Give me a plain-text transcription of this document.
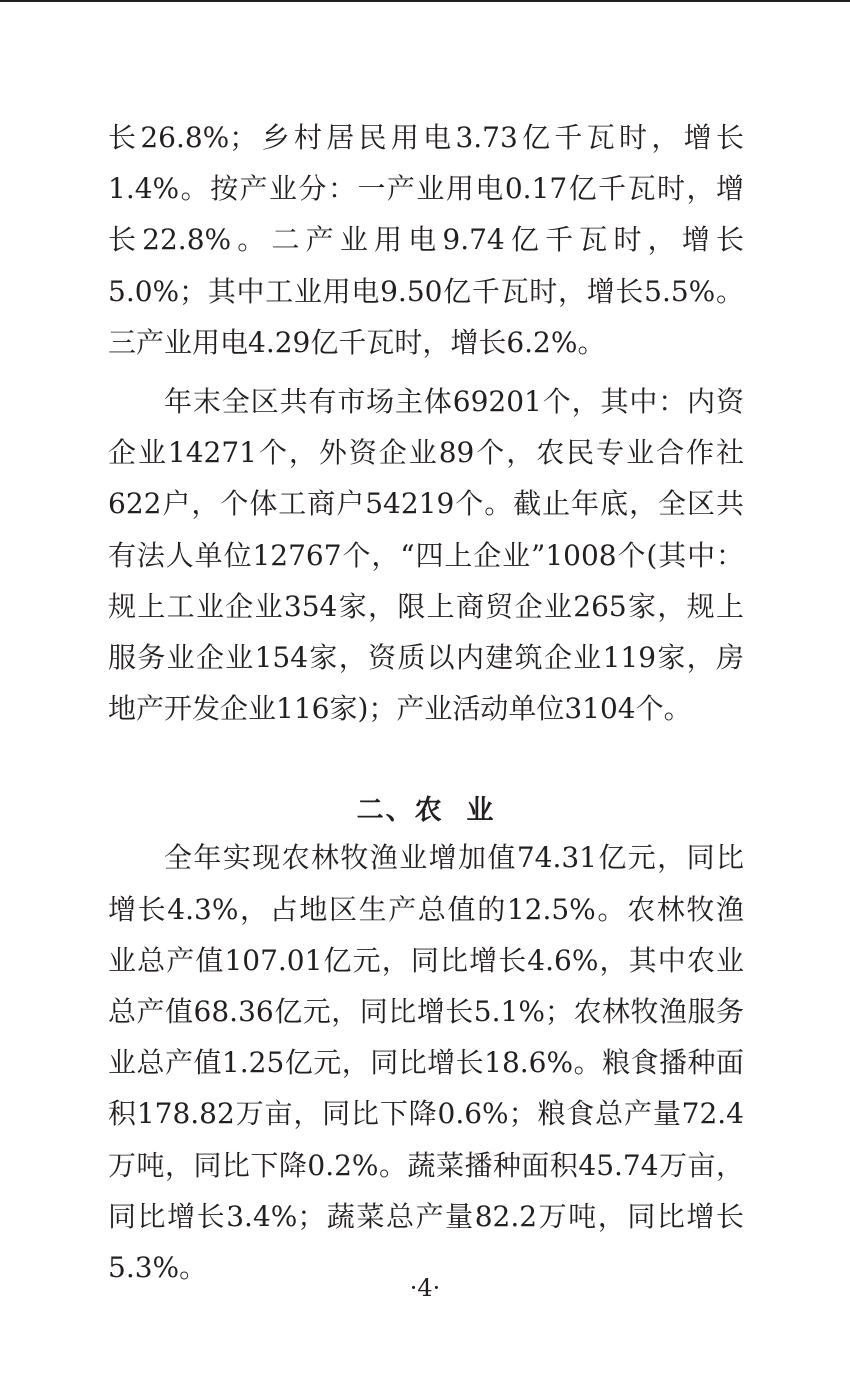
长26.8%；乡村居民用电3.73亿千瓦时，增长1.4%。按产业分：一产业用电0.17亿千瓦时，增长22.8%。二产业用电9.74亿千瓦时，增长5.0%；其中工业用电9.50亿千瓦时，增长5.5%。三产业用电4.29亿千瓦时，增长6.2%。

年末全区共有市场主体69201个，其中：内资企业14271个，外资企业89个，农民专业合作社622户，个体工商户54219个。截止年底，全区共有法人单位12767个，“四上企业”1008个(其中：规上工业企业354家，限上商贸企业265家，规上服务业企业154家，资质以内建筑企业119家，房地产开发企业116家)；产业活动单位3104个。

二、农  业

全年实现农林牧渔业增加值74.31亿元，同比增长4.3%，占地区生产总值的12.5%。农林牧渔业总产值107.01亿元，同比增长4.6%，其中农业总产值68.36亿元，同比增长5.1%；农林牧渔服务业总产值1.25亿元，同比增长18.6%。粮食播种面积178.82万亩，同比下降0.6%；粮食总产量72.4万吨，同比下降0.2%。蔬菜播种面积45.74万亩，同比增长3.4%；蔬菜总产量82.2万吨，同比增长5.3%。

·4·
